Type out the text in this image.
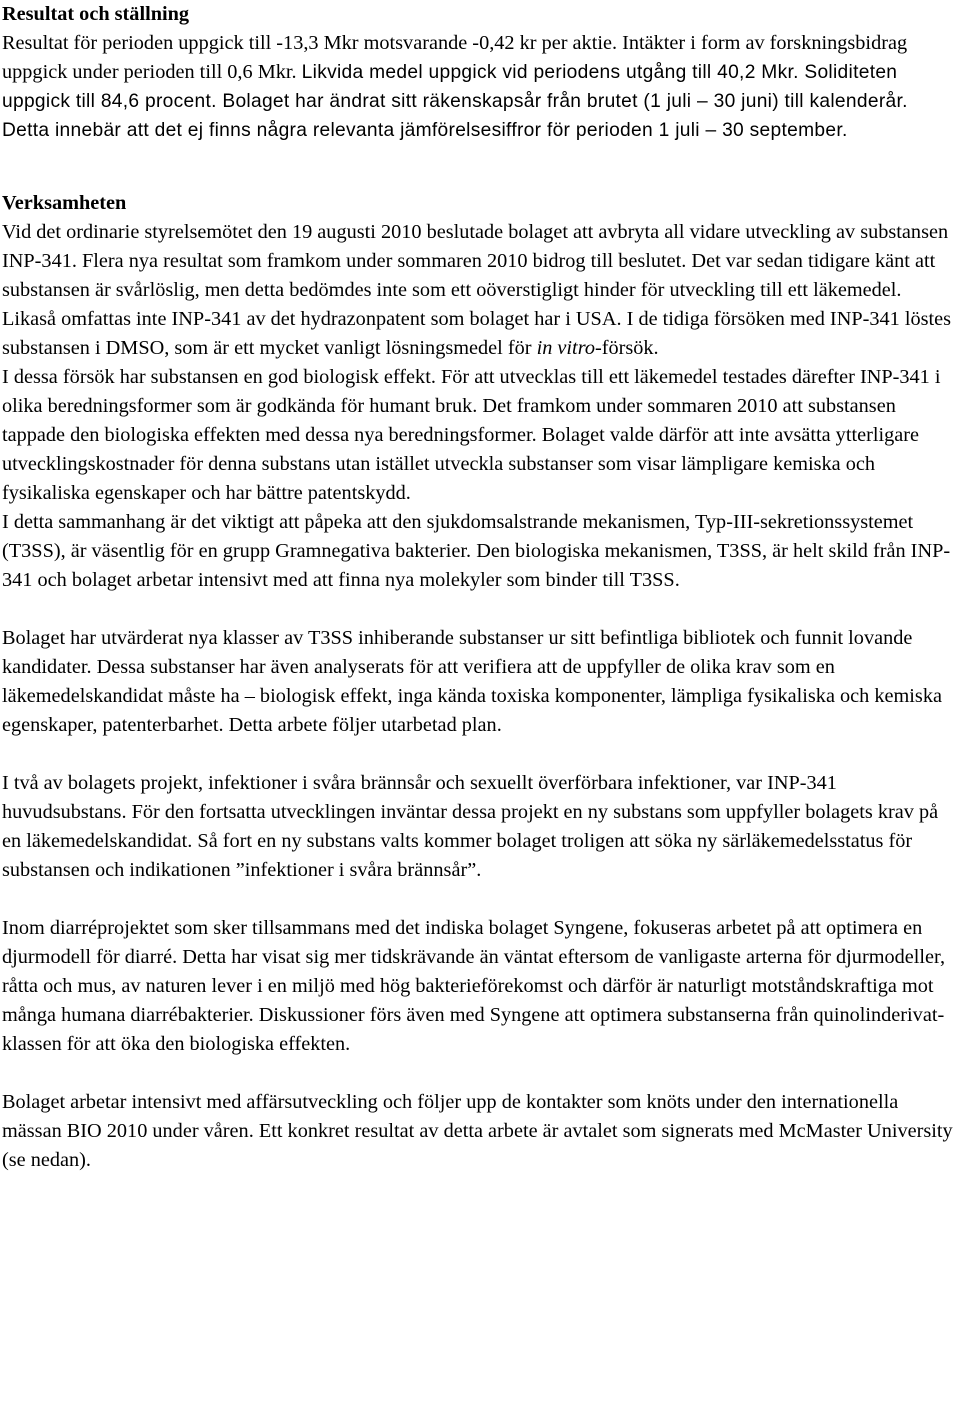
Resultat och ställning

Resultat för perioden uppgick till -13,3 Mkr motsvarande -0,42 kr per aktie. Intäkter i form av forskningsbidrag uppgick under perioden till 0,6 Mkr. Likvida medel uppgick vid periodens utgång till 40,2 Mkr. Soliditeten uppgick till 84,6 procent. Bolaget har ändrat sitt räkenskapsår från brutet (1 juli – 30 juni) till kalenderår. Detta innebär att det ej finns några relevanta jämförelsesiffror för perioden 1 juli – 30 september.

Verksamheten

Vid det ordinarie styrelsemötet den 19 augusti 2010 beslutade bolaget att avbryta all vidare utveckling av substansen INP-341. Flera nya resultat som framkom under sommaren 2010 bidrog till beslutet. Det var sedan tidigare känt att substansen är svårlöslig, men detta bedömdes inte som ett oöverstigligt hinder för utveckling till ett läkemedel. Likaså omfattas inte INP-341 av det hydrazonpatent som bolaget har i USA. I de tidiga försöken med INP-341 löstes substansen i DMSO, som är ett mycket vanligt lösningsmedel för in vitro-försök.

I dessa försök har substansen en god biologisk effekt. För att utvecklas till ett läkemedel testades därefter INP-341 i olika beredningsformer som är godkända för humant bruk. Det framkom under sommaren 2010 att substansen tappade den biologiska effekten med dessa nya beredningsformer. Bolaget valde därför att inte avsätta ytterligare utvecklingskostnader för denna substans utan istället utveckla substanser som visar lämpligare kemiska och fysikaliska egenskaper och har bättre patentskydd.

I detta sammanhang är det viktigt att påpeka att den sjukdomsalstrande mekanismen, Typ-III-sekretionssystemet (T3SS), är väsentlig för en grupp Gramnegativa bakterier. Den biologiska mekanismen, T3SS, är helt skild från INP-341 och bolaget arbetar intensivt med att finna nya molekyler som binder till T3SS.

Bolaget har utvärderat nya klasser av T3SS inhiberande substanser ur sitt befintliga bibliotek och funnit lovande kandidater. Dessa substanser har även analyserats för att verifiera att de uppfyller de olika krav som en läkemedelskandidat måste ha – biologisk effekt, inga kända toxiska komponenter, lämpliga fysikaliska och kemiska egenskaper, patenterbarhet. Detta arbete följer utarbetad plan.

I två av bolagets projekt, infektioner i svåra brännsår och sexuellt överförbara infektioner, var INP-341 huvudsubstans. För den fortsatta utvecklingen inväntar dessa projekt en ny substans som uppfyller bolagets krav på en läkemedelskandidat. Så fort en ny substans valts kommer bolaget troligen att söka ny särläkemedelsstatus för substansen och indikationen ”infektioner i svåra brännsår”.

Inom diarréprojektet som sker tillsammans med det indiska bolaget Syngene, fokuseras arbetet på att optimera en djurmodell för diarré. Detta har visat sig mer tidskrävande än väntat eftersom de vanligaste arterna för djurmodeller, råtta och mus, av naturen lever i en miljö med hög bakterieförekomst och därför är naturligt motståndskraftiga mot många humana diarrébakterier. Diskussioner förs även med Syngene att optimera substanserna från quinolinderivat-klassen för att öka den biologiska effekten.

Bolaget arbetar intensivt med affärsutveckling och följer upp de kontakter som knöts under den internationella mässan BIO 2010 under våren. Ett konkret resultat av detta arbete är avtalet som signerats med McMaster University (se nedan).
